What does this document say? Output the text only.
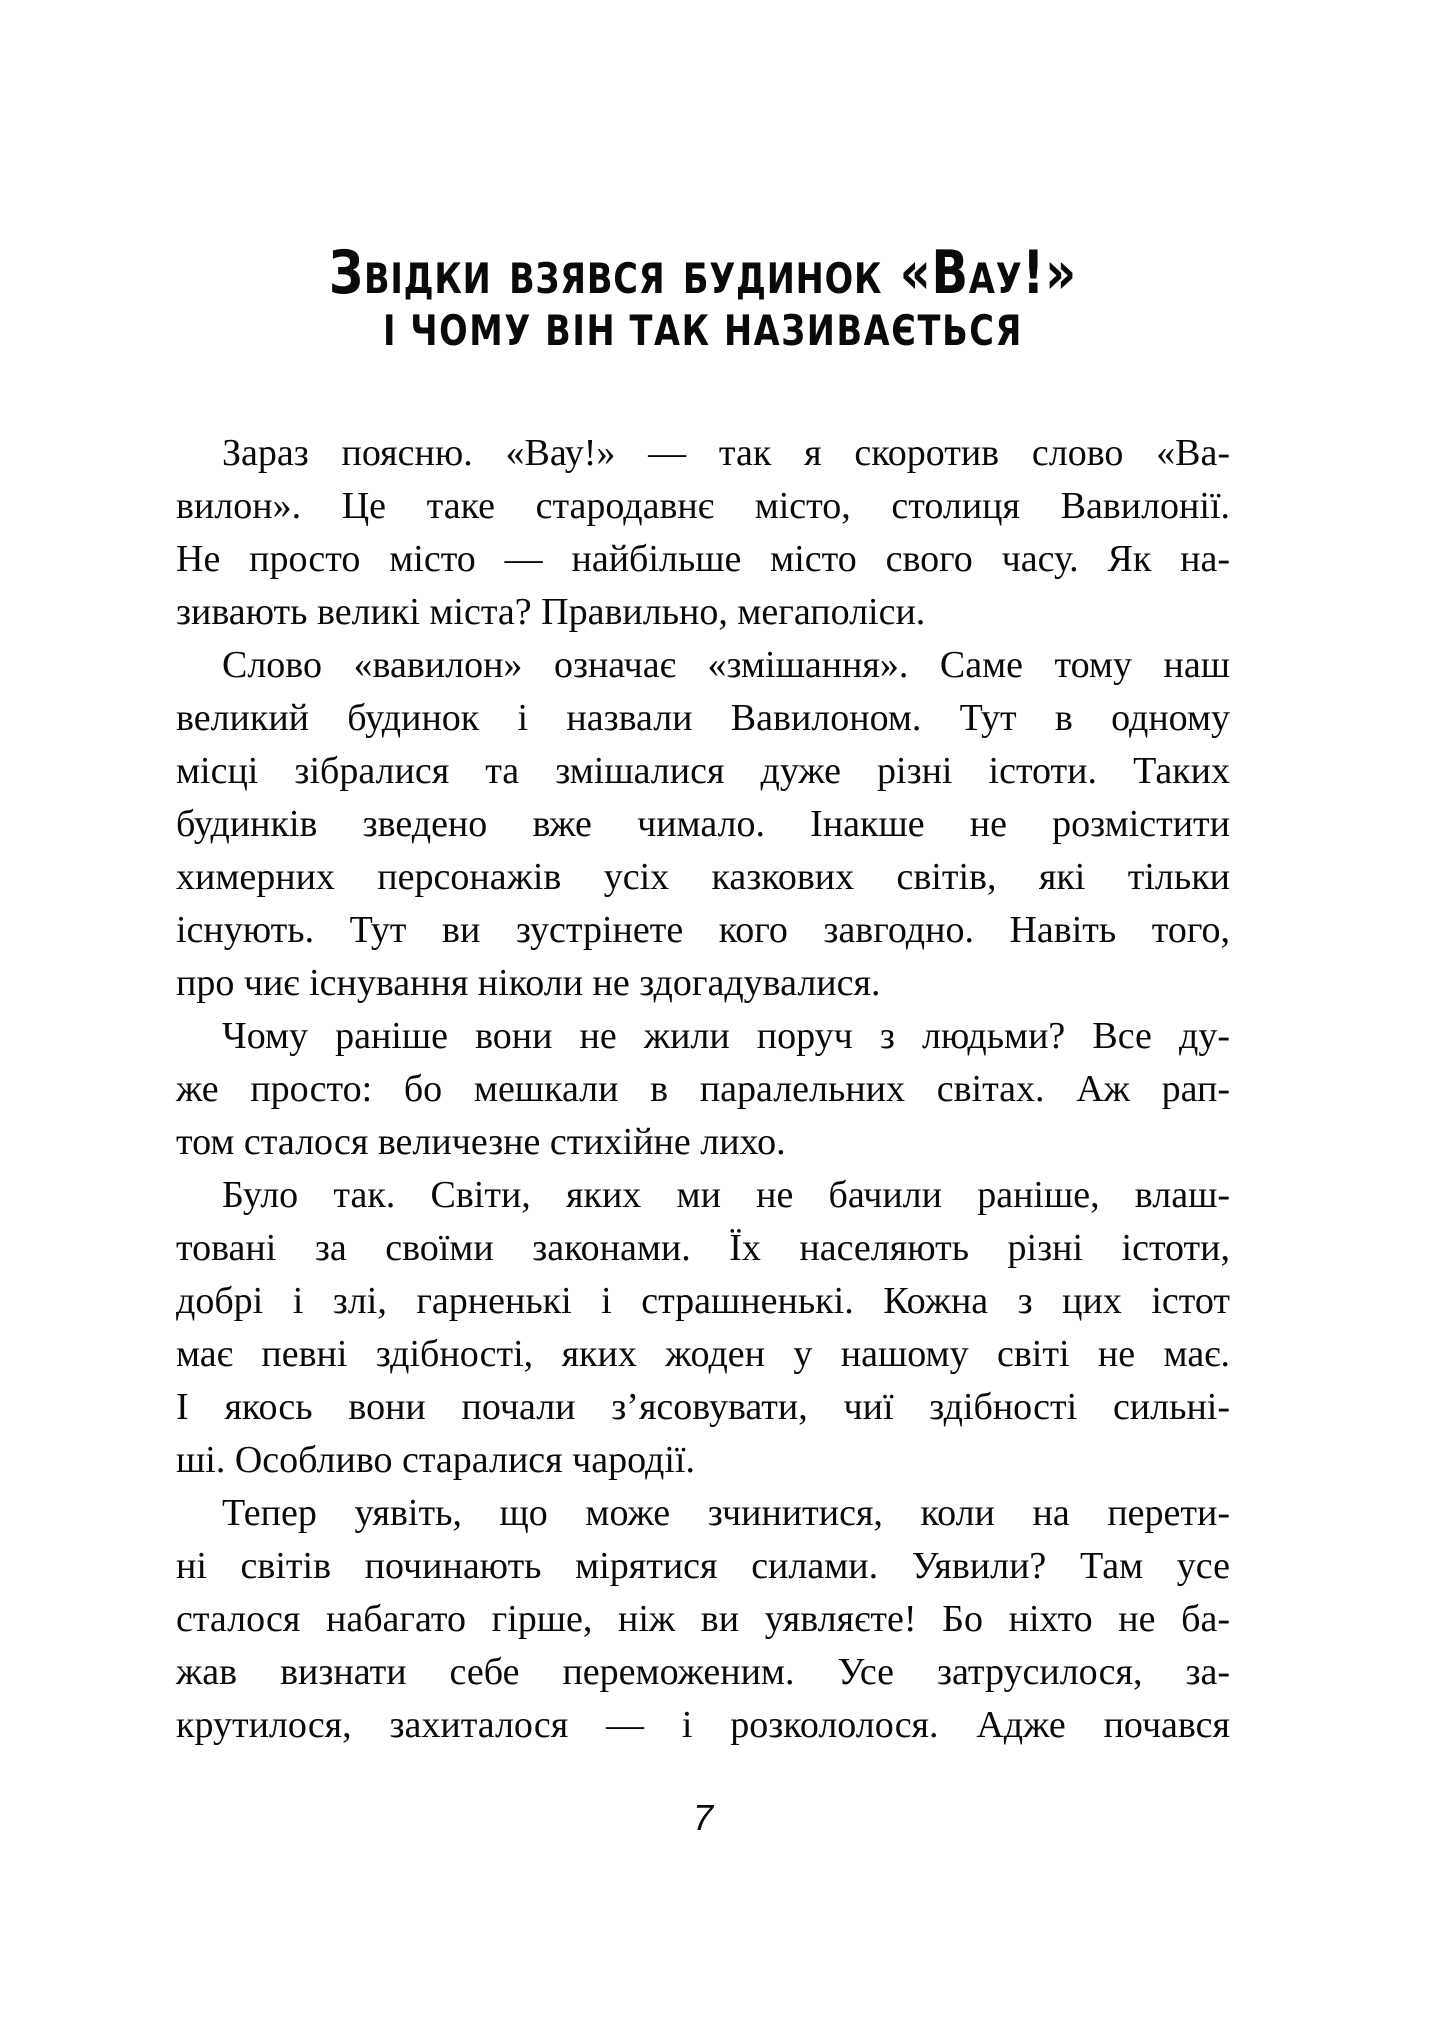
Звідки взявся будинок «Вау!»
І ЧОМУ ВІН ТАК НАЗИВАЄТЬСЯ
Зараз поясню. «Вау!» — так я скоротив слово «Ва-
вилон». Це таке стародавнє місто, столиця Вавилонії.
Не просто місто — найбільше місто свого часу. Як на-
зивають великі міста? Правильно, мегаполіси.
Слово «вавилон» означає «змішання». Саме тому наш
великий будинок і назвали Вавилоном. Тут в одному
місці зібралися та змішалися дуже різні істоти. Таких
будинків зведено вже чимало. Інакше не розмістити
химерних персонажів усіх казкових світів, які тільки
існують. Тут ви зустрінете кого завгодно. Навіть того,
про чиє існування ніколи не здогадувалися.
Чому раніше вони не жили поруч з людьми? Все ду-
же просто: бо мешкали в паралельних світах. Аж рап-
том сталося величезне стихійне лихо.
Було так. Світи, яких ми не бачили раніше, влаш-
товані за своїми законами. Їх населяють різні істоти,
добрі і злі, гарненькі і страшненькі. Кожна з цих істот
має певні здібності, яких жоден у нашому світі не має.
І якось вони почали з’ясовувати, чиї здібності сильні-
ші. Особливо старалися чародії.
Тепер уявіть, що може зчинитися, коли на перети-
ні світів починають мірятися силами. Уявили? Там усе
сталося набагато гірше, ніж ви уявляєте! Бо ніхто не ба-
жав визнати себе переможеним. Усе затрусилося, за-
крутилося, захиталося — і розкололося. Адже почався
7
